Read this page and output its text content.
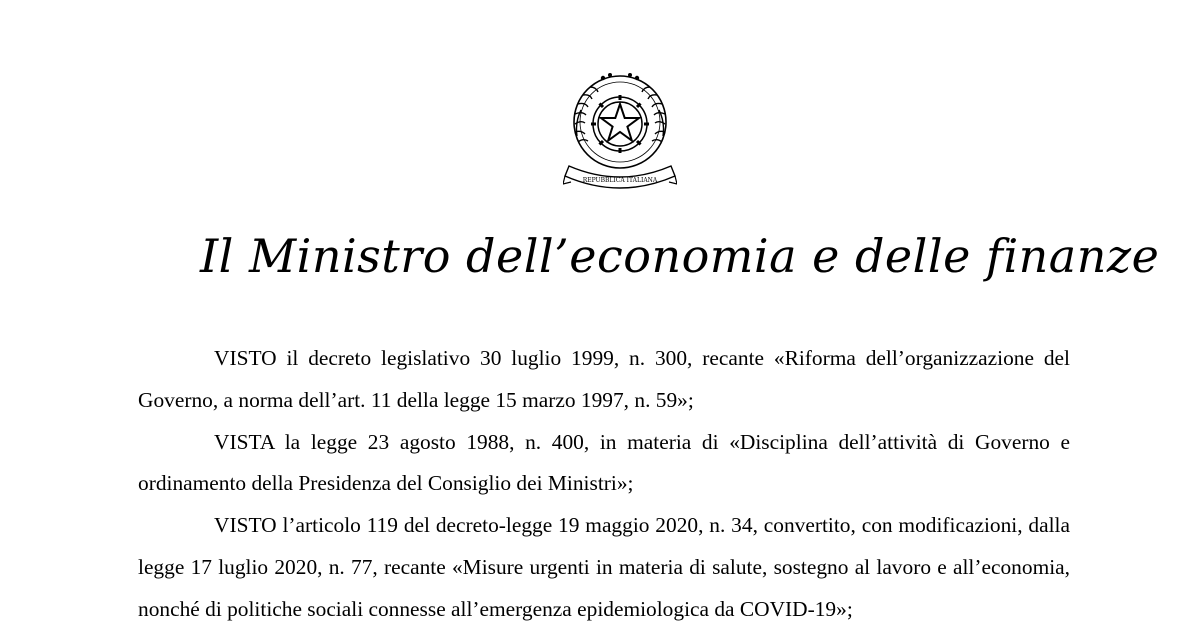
REPUBBLICA ITALIANA
Il Ministro dell’economia e delle finanze

VISTO il decreto legislativo 30 luglio 1999, n. 300, recante «Riforma dell’organizzazione del Governo, a norma dell’art. 11 della legge 15 marzo 1997, n. 59»;

VISTA la legge 23 agosto 1988, n. 400, in materia di «Disciplina dell’attività di Governo e ordinamento della Presidenza del Consiglio dei Ministri»;

VISTO l’articolo 119 del decreto-legge 19 maggio 2020, n. 34, convertito, con modificazioni, dalla legge 17 luglio 2020, n. 77, recante «Misure urgenti in materia di salute, sostegno al lavoro e all’economia, nonché di politiche sociali connesse all’emergenza epidemiologica da COVID-19»;
